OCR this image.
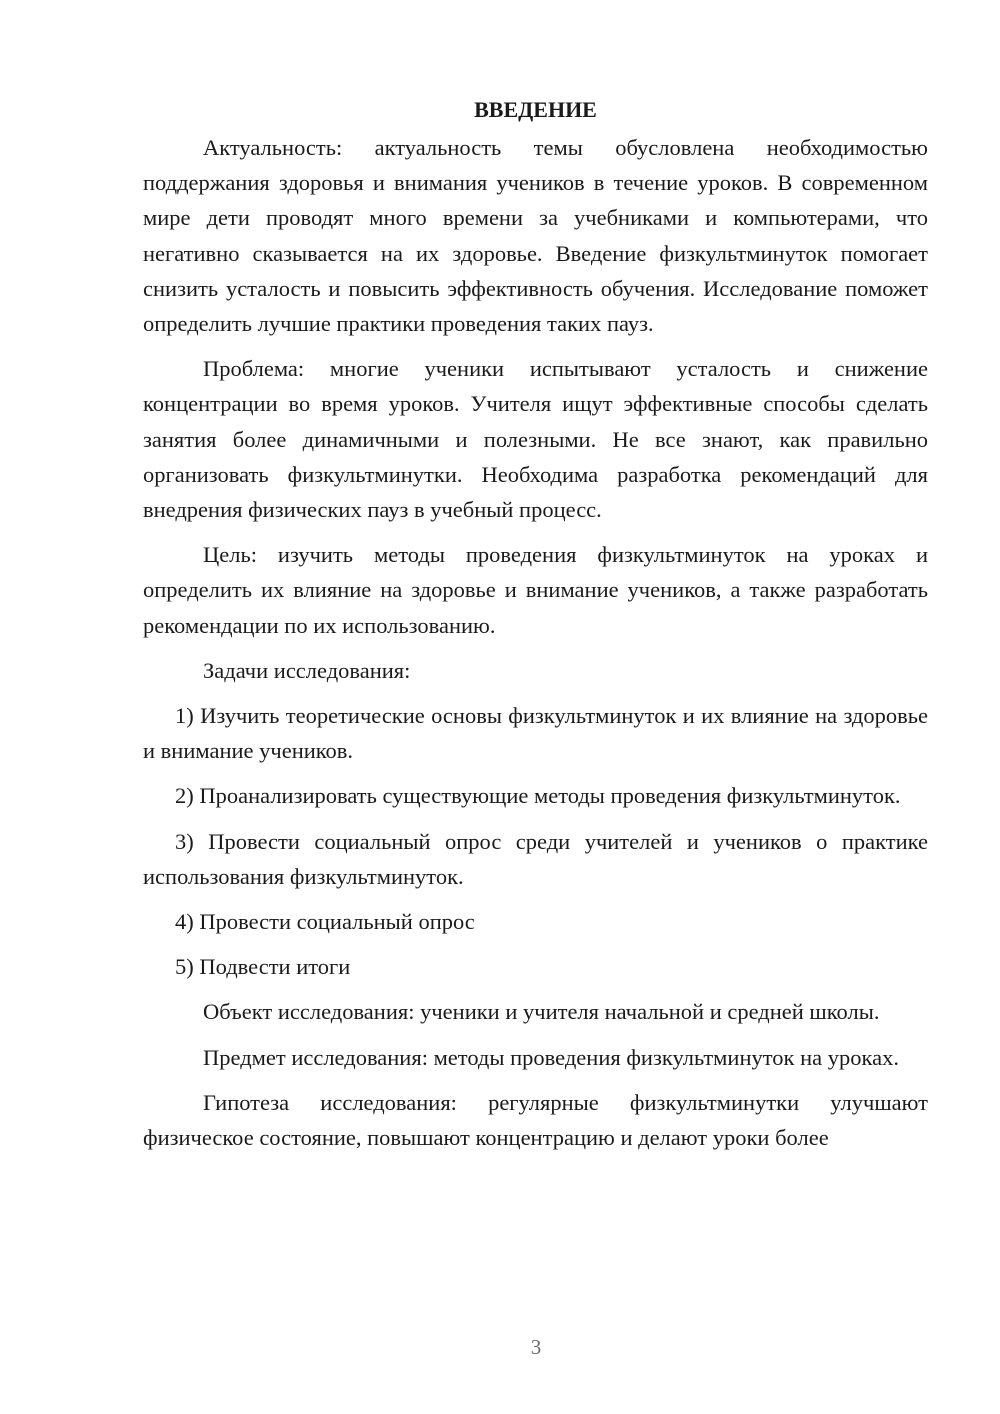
ВВЕДЕНИЕ

Актуальность: актуальность темы обусловлена необходимостью поддержания здоровья и внимания учеников в течение уроков. В современном мире дети проводят много времени за учебниками и компьютерами, что негативно сказывается на их здоровье. Введение физкультминуток помогает снизить усталость и повысить эффективность обучения. Исследование поможет определить лучшие практики проведения таких пауз.

Проблема: многие ученики испытывают усталость и снижение концентрации во время уроков. Учителя ищут эффективные способы сделать занятия более динамичными и полезными. Не все знают, как правильно организовать физкультминутки. Необходима разработка рекомендаций для внедрения физических пауз в учебный процесс.

Цель: изучить методы проведения физкультминуток на уроках и определить их влияние на здоровье и внимание учеников, а также разработать рекомендации по их использованию.

Задачи исследования:

1) Изучить теоретические основы физкультминуток и их влияние на здоровье и внимание учеников.

2) Проанализировать существующие методы проведения физкультминуток.

3) Провести социальный опрос среди учителей и учеников о практике использования физкультминуток.

4) Провести социальный опрос

5) Подвести итоги

Объект исследования: ученики и учителя начальной и средней школы.

Предмет исследования: методы проведения физкультминуток на уроках.

Гипотеза исследования: регулярные физкультминутки улучшают физическое состояние, повышают концентрацию и делают уроки более

3
